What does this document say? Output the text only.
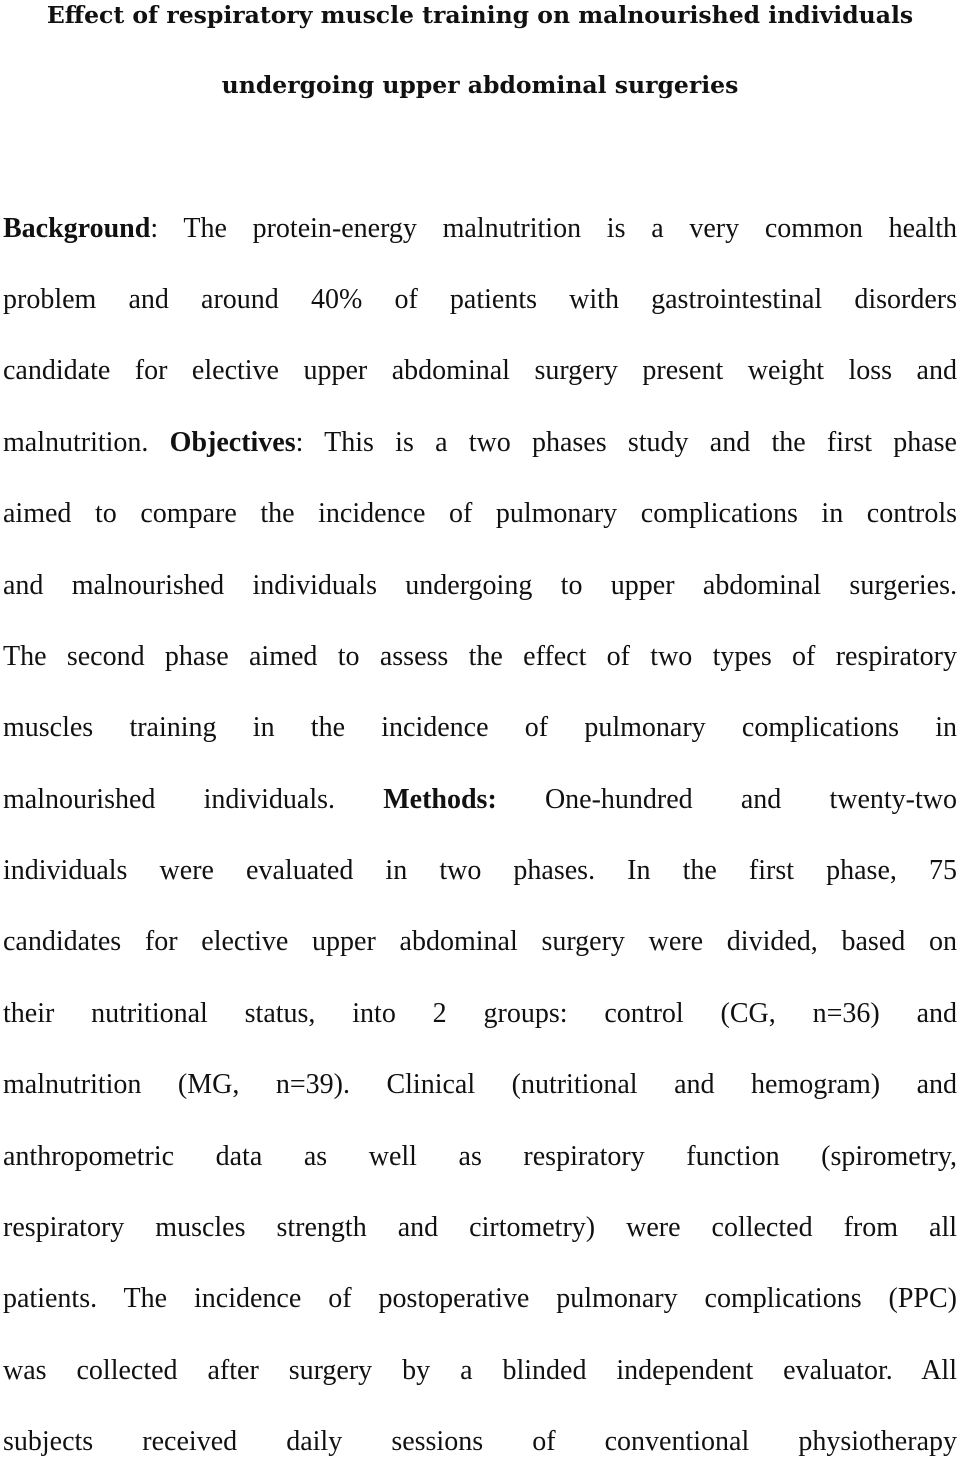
Effect of respiratory muscle training on malnourished individuals
undergoing upper abdominal surgeries
Background: The protein-energy malnutrition is a very common health
problem and around 40% of patients with gastrointestinal disorders
candidate for elective upper abdominal surgery present weight loss and
malnutrition. Objectives: This is a two phases study and the first phase
aimed to compare the incidence of pulmonary complications in controls
and malnourished individuals undergoing to upper abdominal surgeries.
The second phase aimed to assess the effect of two types of respiratory
muscles training in the incidence of pulmonary complications in
malnourished individuals. Methods: One-hundred and twenty-two
individuals were evaluated in two phases. In the first phase, 75
candidates for elective upper abdominal surgery were divided, based on
their nutritional status, into 2 groups: control (CG, n=36) and
malnutrition (MG, n=39). Clinical (nutritional and hemogram) and
anthropometric data as well as respiratory function (spirometry,
respiratory muscles strength and cirtometry) were collected from all
patients. The incidence of postoperative pulmonary complications (PPC)
was collected after surgery by a blinded independent evaluator. All
subjects received daily sessions of conventional physiotherapy
